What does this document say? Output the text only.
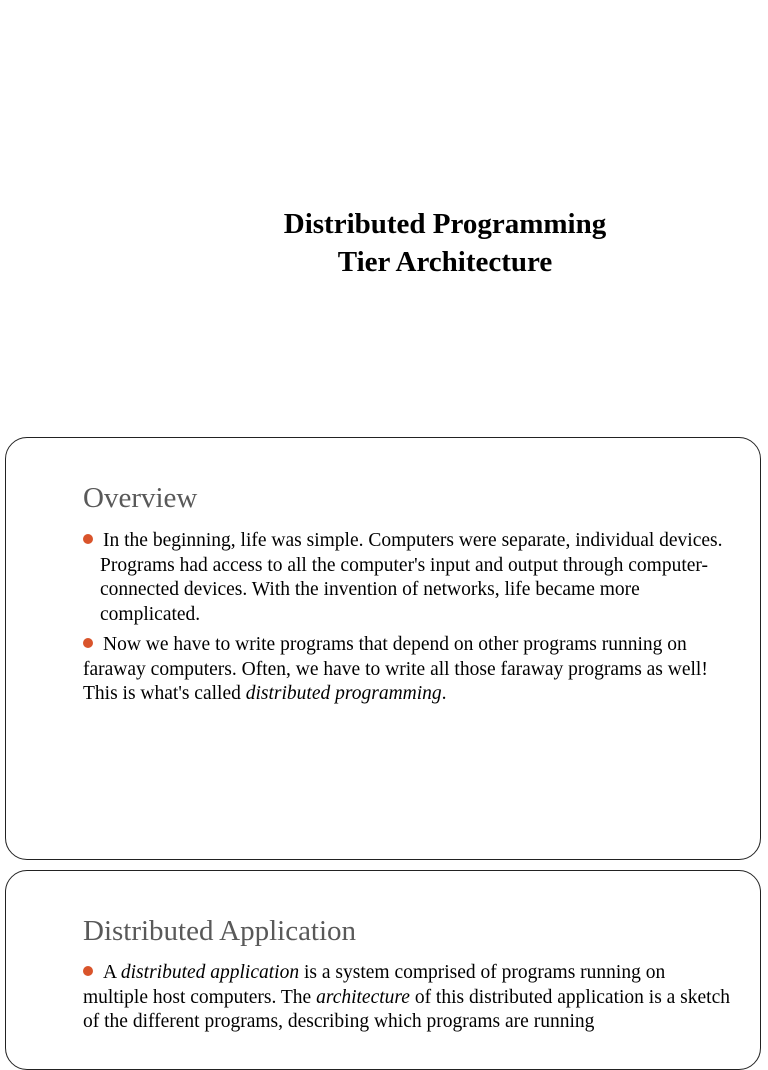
Distributed Programming
Tier Architecture
Overview
In the beginning, life was simple. Computers were separate, individual devices.
Programs had access to all the computer's input and output through computer- connected devices. With the invention of networks, life became more complicated.
Now we have to write programs that depend on other programs running on faraway computers. Often, we have to write all those faraway programs as well! This is what's called distributed programming.
Distributed Application
A distributed application is a system comprised of programs running on multiple host computers. The architecture of this distributed application is a sketch of the different programs, describing which programs are running
